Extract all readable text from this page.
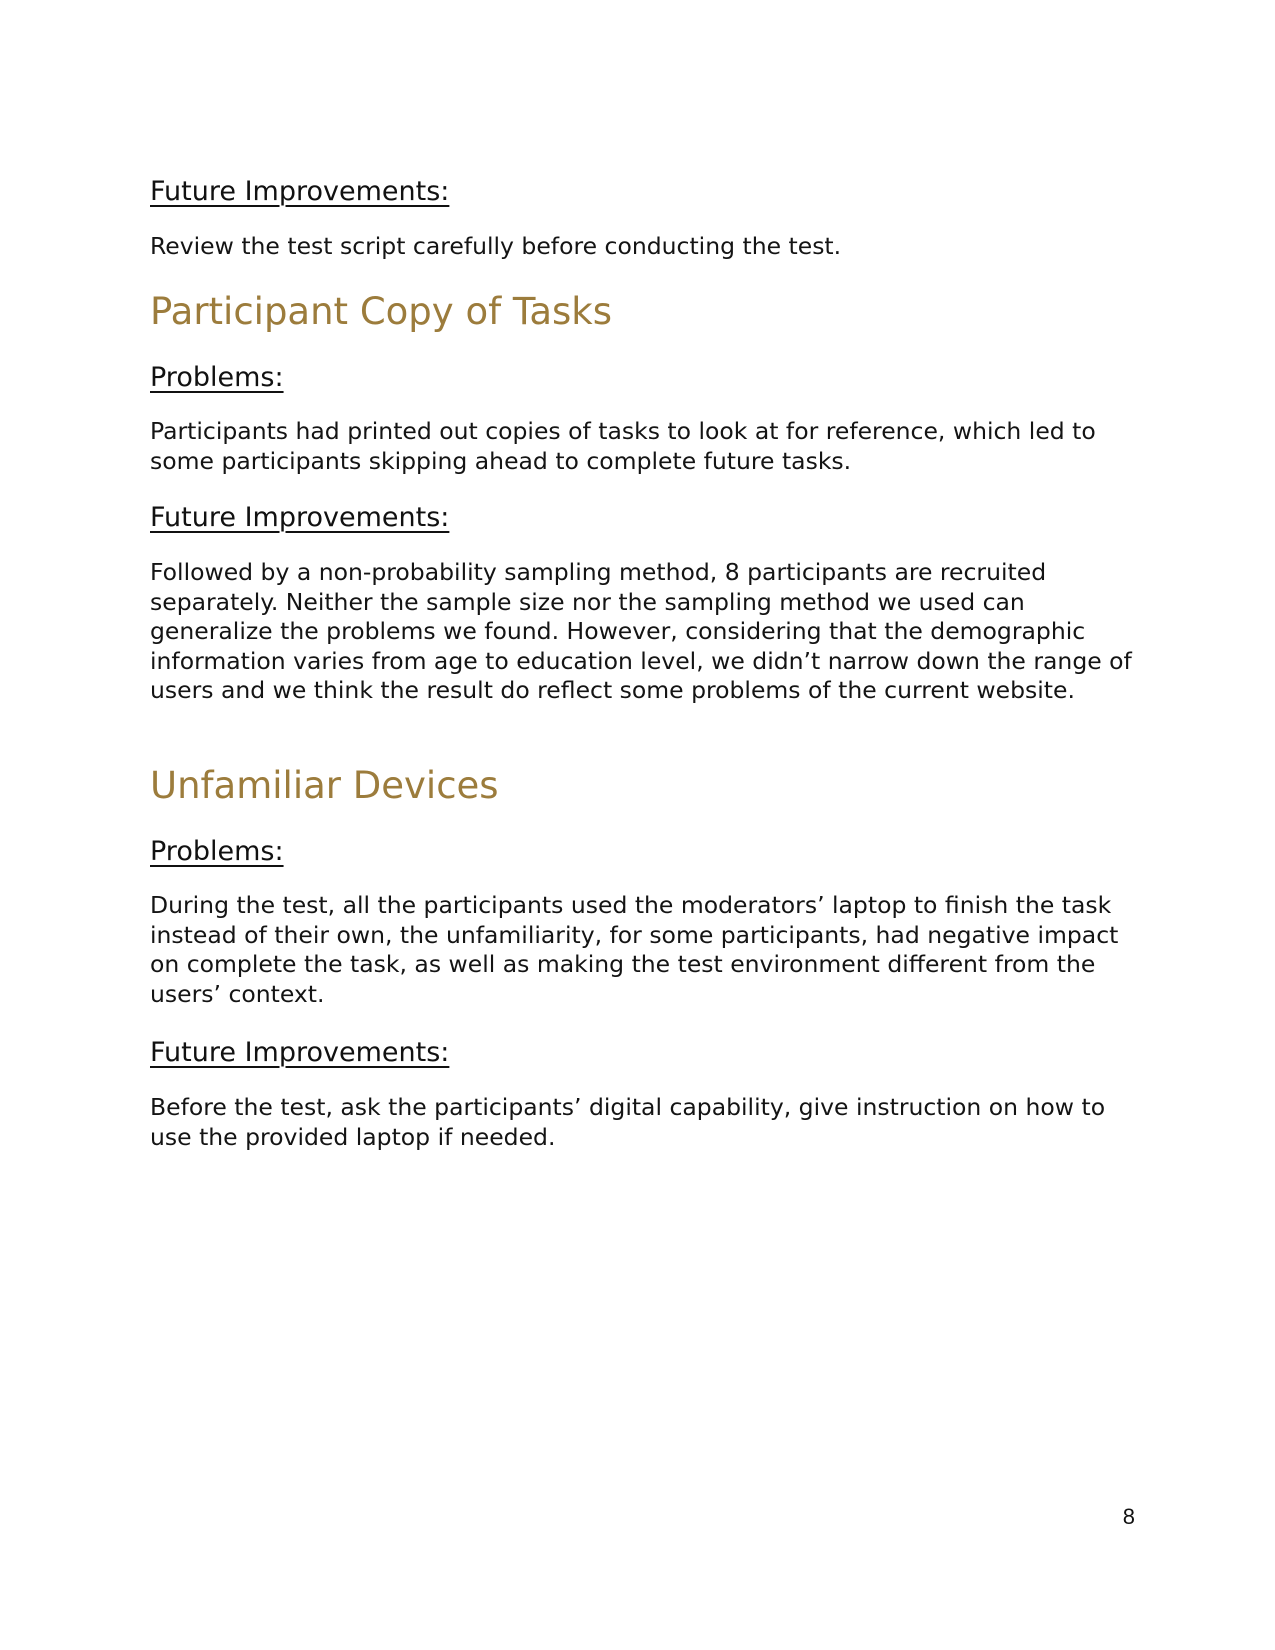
Future Improvements:

Review the test script carefully before conducting the test.

Participant Copy of Tasks
Problems:

Participants had printed out copies of tasks to look at for reference, which led to some participants skipping ahead to complete future tasks.

Future Improvements:

Followed by a non-probability sampling method, 8 participants are recruited separately. Neither the sample size nor the sampling method we used can generalize the problems we found. However, considering that the demographic information varies from age to education level, we didn’t narrow down the range of users and we think the result do reflect some problems of the current website.

Unfamiliar Devices
Problems:

During the test, all the participants used the moderators’ laptop to finish the task instead of their own, the unfamiliarity, for some participants, had negative impact on complete the task, as well as making the test environment different from the users’ context.

Future Improvements:

Before the test, ask the participants’ digital capability, give instruction on how to use the provided laptop if needed.

8
